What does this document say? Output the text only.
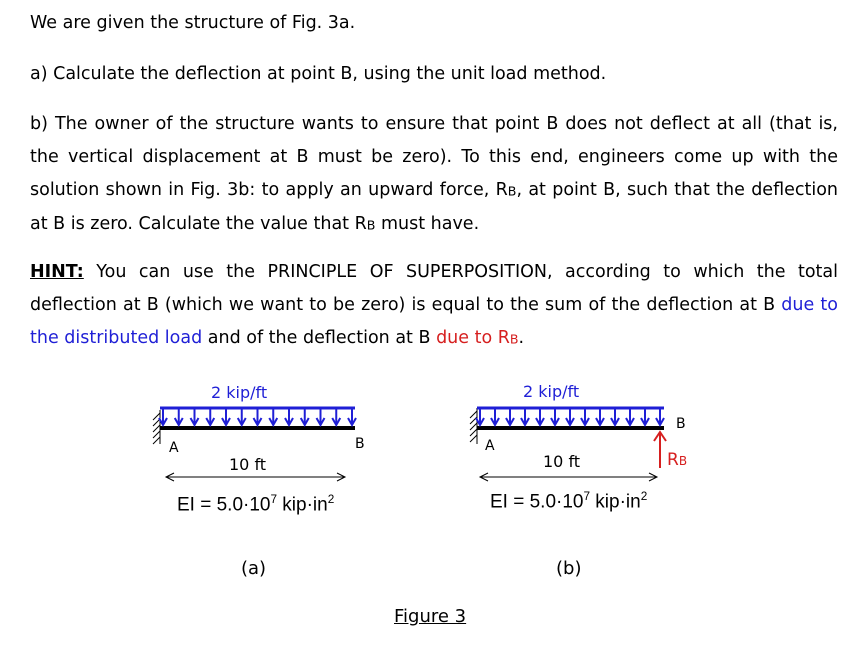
We are given the structure of Fig. 3a.

a) Calculate the deflection at point B, using the unit load method.

b) The owner of the structure wants to ensure that point B does not deflect at all (that is, the vertical displacement at B must be zero). To this end, engineers come up with the solution shown in Fig. 3b: to apply an upward force, RB, at point B, such that the deflection at B is zero. Calculate the value that RB must have.

HINT: You can use the PRINCIPLE OF SUPERPOSITION, according to which the total deflection at B (which we want to be zero) is equal to the sum of the deflection at B due to the distributed load and of the deflection at B due to RB.

2 kip/ft
A	B
10 ft
EI = $5.0\cdot 10^7$ $kip\cdot in^2$
(a)
2 kip/ft
A
B
RB
10 ft
EI = $5.0\cdot 10^7$ $kip\cdot in^2$
(b)
Figure 3
